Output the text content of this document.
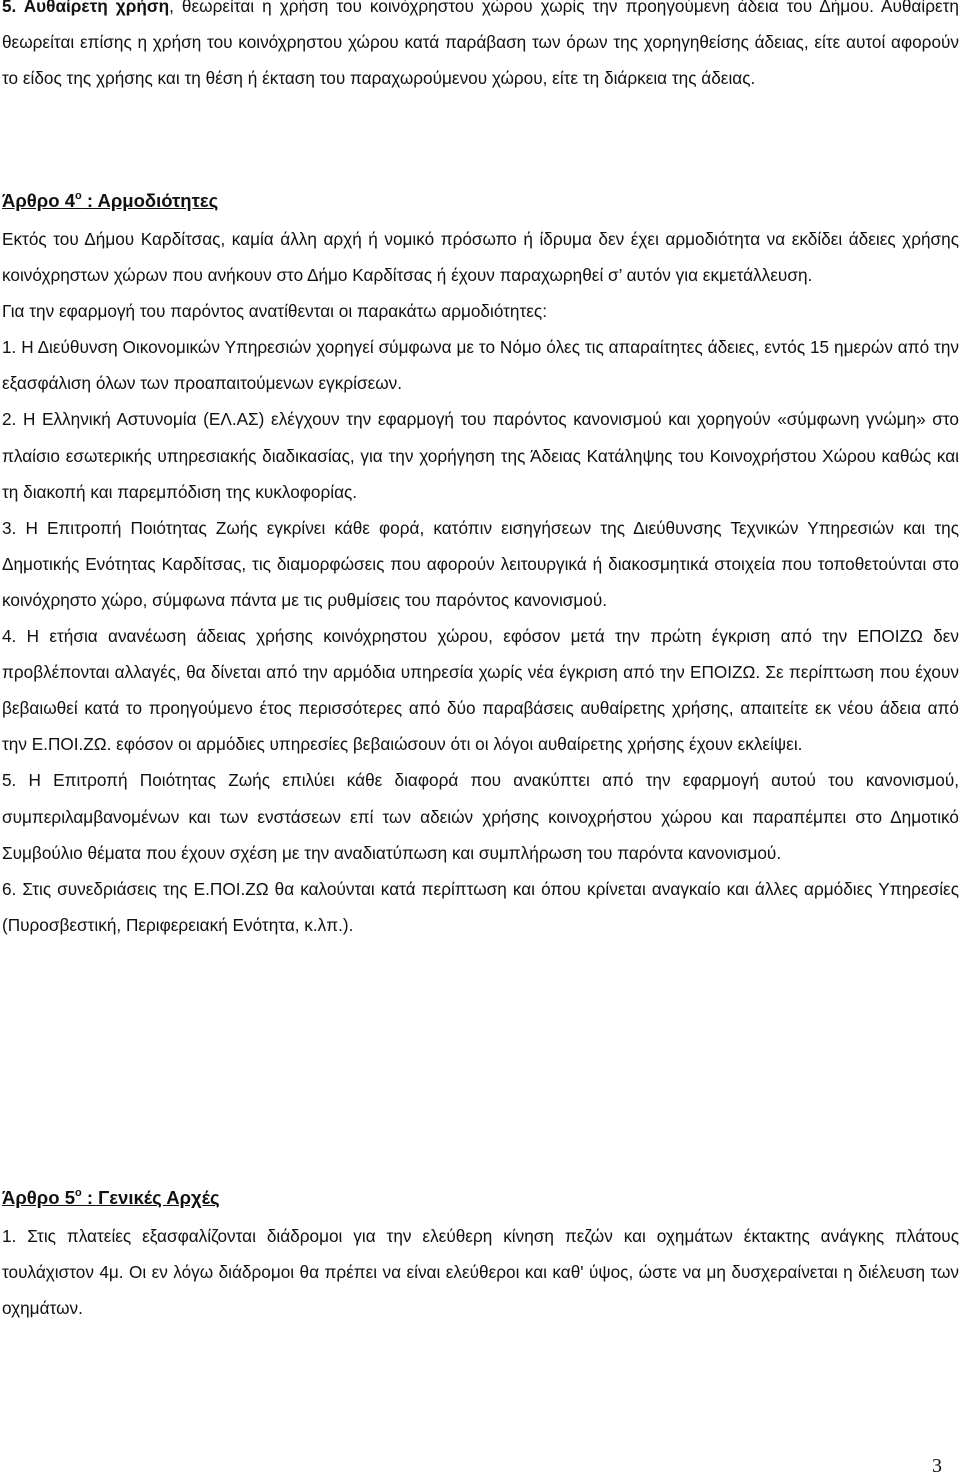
5. Αυθαίρετη χρήση, θεωρείται η χρήση του κοινόχρηστου χώρου χωρίς την προηγούμενη άδεια του Δήμου. Αυθαίρετη θεωρείται επίσης η χρήση του κοινόχρηστου χώρου κατά παράβαση των όρων της χορηγηθείσης άδειας, είτε αυτοί αφορούν το είδος της χρήσης και τη θέση ή έκταση του παραχωρούμενου χώρου, είτε τη διάρκεια της άδειας.

Άρθρο $4^o$ : Αρμοδιότητες

Εκτός του Δήμου Καρδίτσας, καμία άλλη αρχή ή νομικό πρόσωπο ή ίδρυμα δεν έχει αρμοδιότητα να εκδίδει άδειες χρήσης κοινόχρηστων χώρων που ανήκουν στο Δήμο Καρδίτσας ή έχουν παραχωρηθεί σ’ αυτόν για εκμετάλλευση.

Για την εφαρμογή του παρόντος ανατίθενται οι παρακάτω αρμοδιότητες:

1. Η Διεύθυνση Οικονομικών Υπηρεσιών χορηγεί σύμφωνα με το Νόμο όλες τις απαραίτητες άδειες, εντός 15 ημερών από την εξασφάλιση όλων των προαπαιτούμενων εγκρίσεων.

2. Η Ελληνική Αστυνομία (ΕΛ.ΑΣ) ελέγχουν την εφαρμογή του παρόντος κανονισμού και χορηγούν «σύμφωνη γνώμη» στο πλαίσιο εσωτερικής υπηρεσιακής διαδικασίας, για την χορήγηση της Άδειας Κατάληψης του Κοινοχρήστου Χώρου καθώς και τη διακοπή και παρεμπόδιση της κυκλοφορίας.

3. Η Επιτροπή Ποιότητας Ζωής εγκρίνει κάθε φορά, κατόπιν εισηγήσεων της Διεύθυνσης Τεχνικών Υπηρεσιών και της Δημοτικής Ενότητας Καρδίτσας, τις διαμορφώσεις που αφορούν λειτουργικά ή διακοσμητικά στοιχεία που τοποθετούνται στο κοινόχρηστο χώρο, σύμφωνα πάντα με τις ρυθμίσεις του παρόντος κανονισμού.

4. Η ετήσια ανανέωση άδειας χρήσης κοινόχρηστου χώρου, εφόσον μετά την πρώτη έγκριση από την ΕΠΟΙΖΩ δεν προβλέπονται αλλαγές, θα δίνεται από την αρμόδια υπηρεσία χωρίς νέα έγκριση από την ΕΠΟΙΖΩ. Σε περίπτωση που έχουν βεβαιωθεί κατά το προηγούμενο έτος περισσότερες από δύο παραβάσεις αυθαίρετης χρήσης, απαιτείτε εκ νέου άδεια από την Ε.ΠΟΙ.ΖΩ. εφόσον οι αρμόδιες υπηρεσίες βεβαιώσουν ότι οι λόγοι αυθαίρετης χρήσης έχουν εκλείψει.

5. Η Επιτροπή Ποιότητας Ζωής επιλύει κάθε διαφορά που ανακύπτει από την εφαρμογή αυτού του κανονισμού, συμπεριλαμβανομένων και των ενστάσεων επί των αδειών χρήσης κοινοχρήστου χώρου και παραπέμπει στο Δημοτικό Συμβούλιο θέματα που έχουν σχέση με την αναδιατύπωση και συμπλήρωση του παρόντα κανονισμού.

6. Στις συνεδριάσεις της Ε.ΠΟΙ.ΖΩ θα καλούνται κατά περίπτωση και όπου κρίνεται αναγκαίο και άλλες αρμόδιες Υπηρεσίες (Πυροσβεστική, Περιφερειακή Ενότητα, κ.λπ.).

Άρθρο $5^o$ : Γενικές Αρχές

1. Στις πλατείες εξασφαλίζονται διάδρομοι για την ελεύθερη κίνηση πεζών και οχημάτων έκτακτης ανάγκης πλάτους τουλάχιστον 4μ. Οι εν λόγω διάδρομοι θα πρέπει να είναι ελεύθεροι και καθ' ύψος, ώστε να μη δυσχεραίνεται η διέλευση των οχημάτων.

3
